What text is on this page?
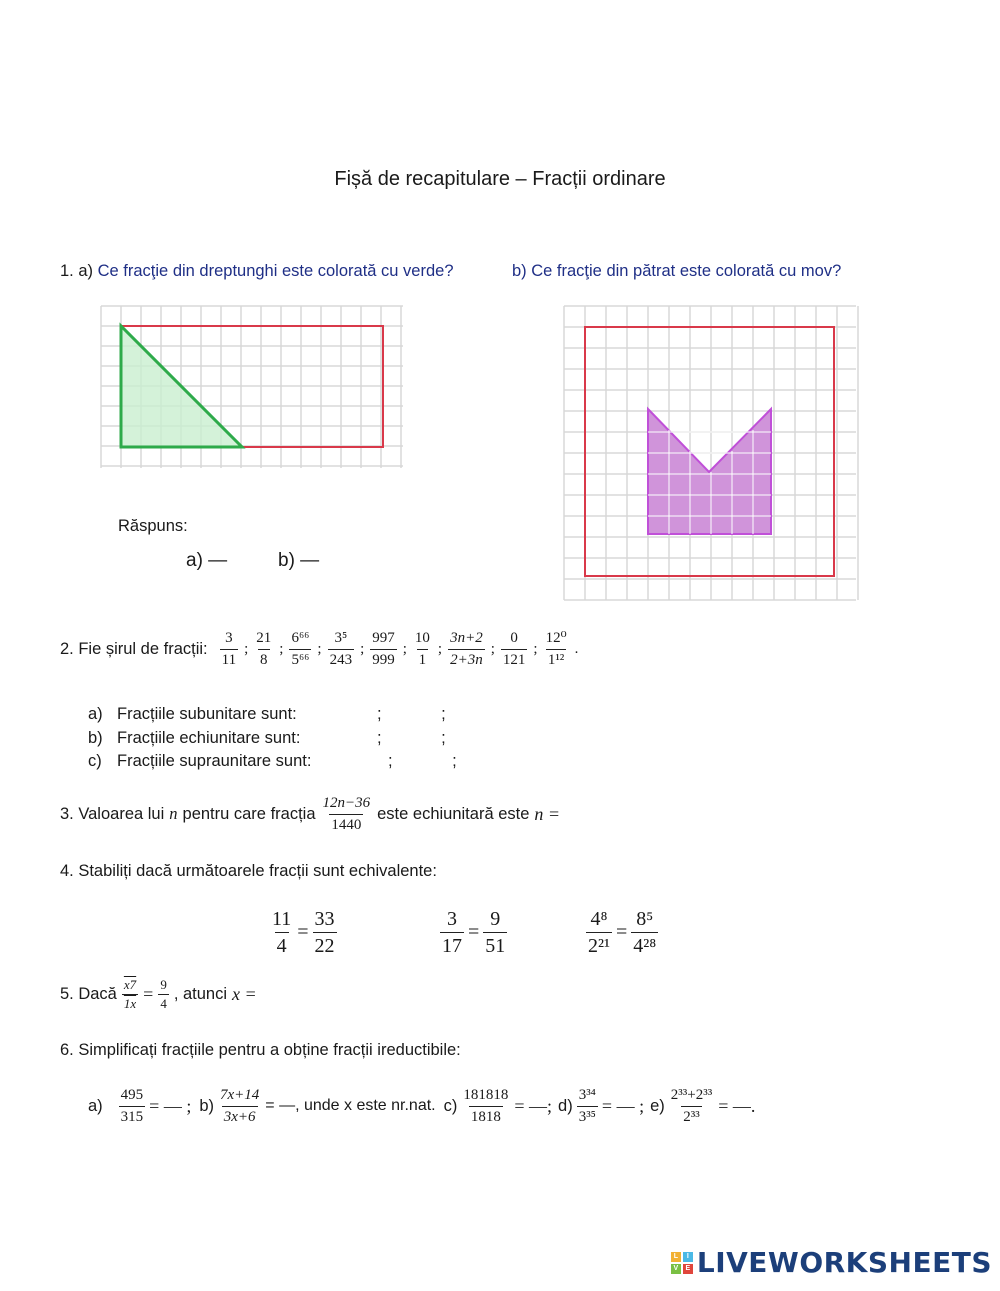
Fișă de recapitulare – Fracții ordinare
1. a) Ce fracţie din dreptunghi este colorată cu verde?	b) Ce fracţie din pătrat este colorată cu mov?
Răspuns:
a) —	b) —
2. Fie șirul de fracții: $\frac{3}{11}$ ; $\frac{21}{8}$ ; $\frac{\text{6⁶⁶}}{\text{5⁶⁶}}$ ; $\frac{\text{3⁵}}{243}$ ; $\frac{997}{999}$ ; $\frac{10}{1}$ ; $\frac{3n+2}{2+3n}$ ; $\frac{0}{121}$ ; $\frac{\text{12⁰}}{\text{1¹²}}$ .
a) Fracțiile subunitare sunt:	;             ;
b) Fracțiile echiunitare sunt:	;             ;
c) Fracțiile supraunitare sunt:	;             ;
3. Valoarea lui n pentru care fracția $\frac{12n-36}{1440}$ este echiunitară este n =
4. Stabiliți dacă următoarele fracții sunt echivalente:
$\frac{11}{4} = \frac{33}{22}$	$\frac{3}{17} = \frac{9}{51}$	$\frac{\text{4⁸}}{\text{2²¹}} = \frac{\text{8⁵}}{\text{4²⁸}}$
5. Dacă $\frac{x7}{1x} = \frac{9}{4}$ , atunci x =
6. Simplificați fracțiile pentru a obține fracții ireductibile:
$a) \frac{495}{315}$ = — ; $b) \frac{7x+14}{3x+6}$ = —, unde x este nr.nat. $c) \frac{181818}{1818}$ = —; $d) \frac{\text{3³⁴}}{\text{3³⁵}}$ = — ; $e) \frac{\text{2³³+2³³}}{\text{2³³}}$ = —.
L	I
V	E LIVEWORKSHEETS
